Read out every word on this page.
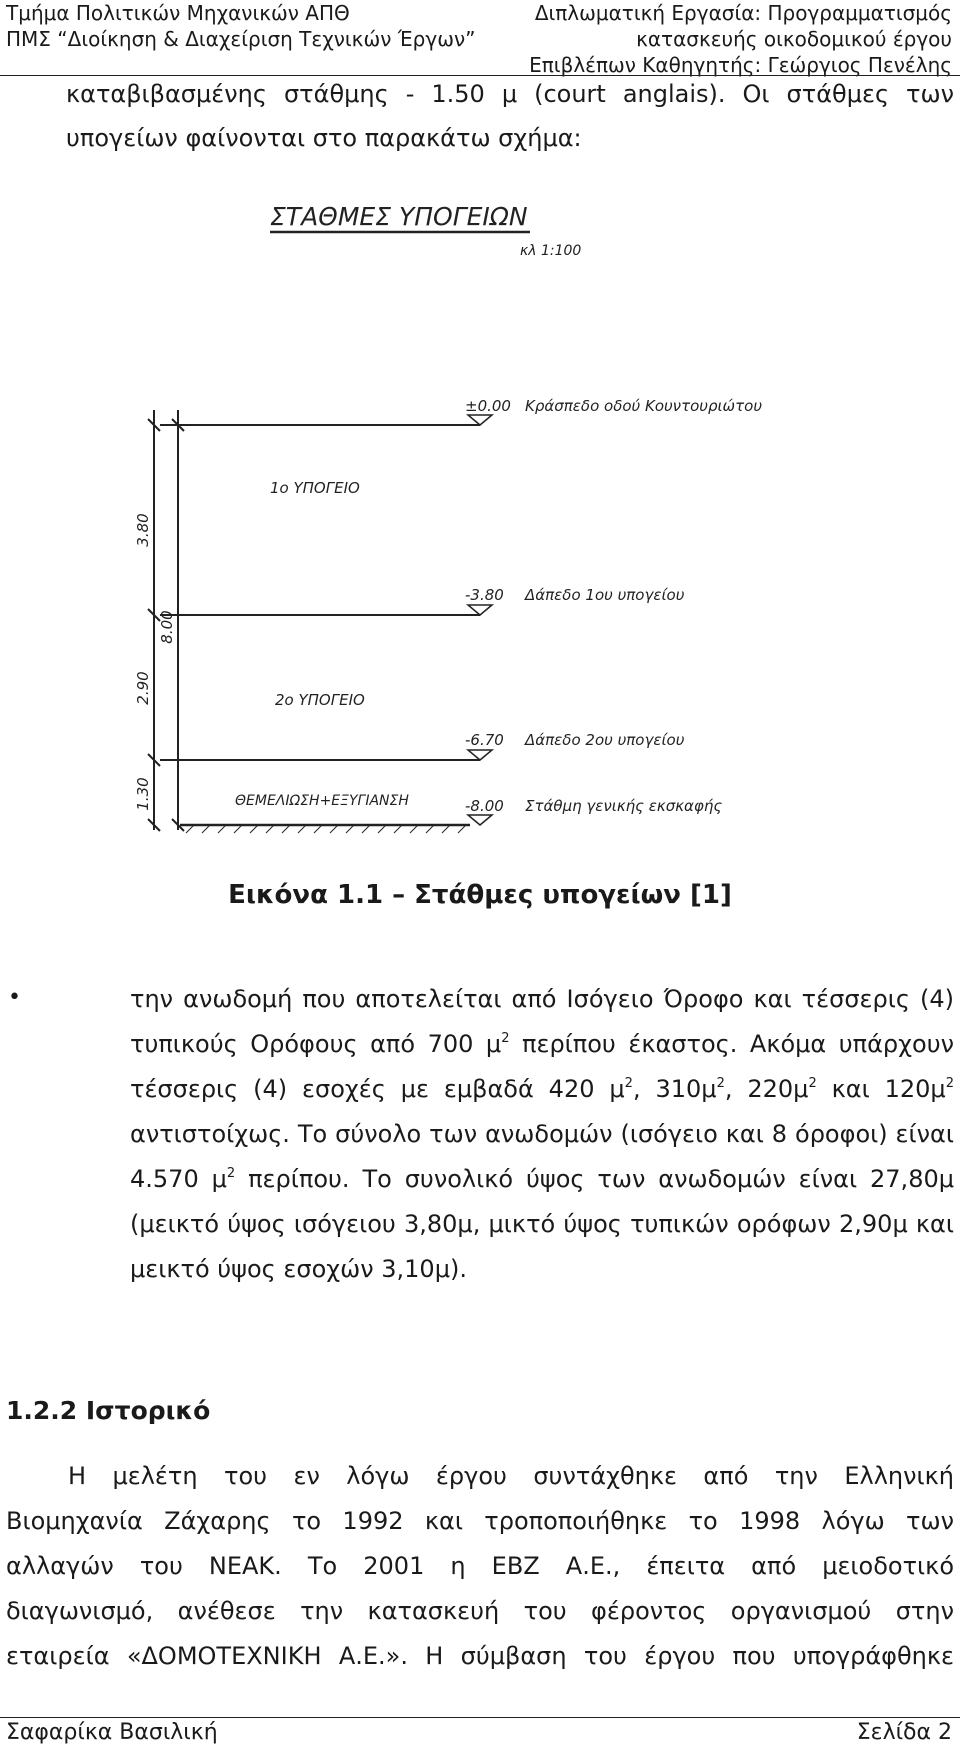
Τμήμα Πολιτικών Μηχανικών ΑΠΘ
ΠΜΣ “Διοίκηση & Διαχείριση Τεχνικών Έργων”
Διπλωματική Εργασία: Προγραμματισμός
κατασκευής οικοδομικού έργου
Επιβλέπων Καθηγητής: Γεώργιος Πενέλης
καταβιβασμένης στάθμης - 1.50 μ (court anglais). Οι στάθμες των
υπογείων φαίνονται στο παρακάτω σχήμα:
ΣΤΑΘΜΕΣ ΥΠΟΓΕΙΩΝ
κλ 1:100
3.80
2.90
1.30
8.00
1ο ΥΠΟΓΕΙΟ
2ο ΥΠΟΓΕΙΟ
ΘΕΜΕΛΙΩΣΗ+ΕΞΥΓΙΑΝΣΗ
±0.00 Κράσπεδο οδού Κουντουριώτου
-3.80 Δάπεδο 1ου υπογείου
-6.70 Δάπεδο 2ου υπογείου
-8.00 Στάθμη γενικής εκσκαφής
Εικόνα 1.1 – Στάθμες υπογείων [1]
•	την ανωδομή που αποτελείται από Ισόγειο Όροφο και τέσσερις (4)
τυπικούς Ορόφους από 700 $\mu^2$ περίπου έκαστος. Ακόμα υπάρχουν
τέσσερις (4) εσοχές με εμβαδά 420 $\mu^2$, $310\mu^2$, $220\mu^2$ και $120\mu^2$
αντιστοίχως. Το σύνολο των ανωδομών (ισόγειο και 8 όροφοι) είναι
4.570 $\mu^2$ περίπου. Το συνολικό ύψος των ανωδομών είναι 27,80μ
(μεικτό ύψος ισόγειου 3,80μ, μικτό ύψος τυπικών ορόφων 2,90μ και
μεικτό ύψος εσοχών 3,10μ).
1.2.2 Ιστορικό
Η μελέτη του εν λόγω έργου συντάχθηκε από την Ελληνική
Βιομηχανία Ζάχαρης το 1992 και τροποποιήθηκε το 1998 λόγω των
αλλαγών του ΝΕΑΚ. Το 2001 η ΕΒΖ Α.Ε., έπειτα από μειοδοτικό
διαγωνισμό, ανέθεσε την κατασκευή του φέροντος οργανισμού στην
εταιρεία «ΔΟΜΟΤΕΧΝΙΚΗ Α.Ε.». Η σύμβαση του έργου που υπογράφθηκε
Σαφαρίκα Βασιλική	Σελίδα 2
